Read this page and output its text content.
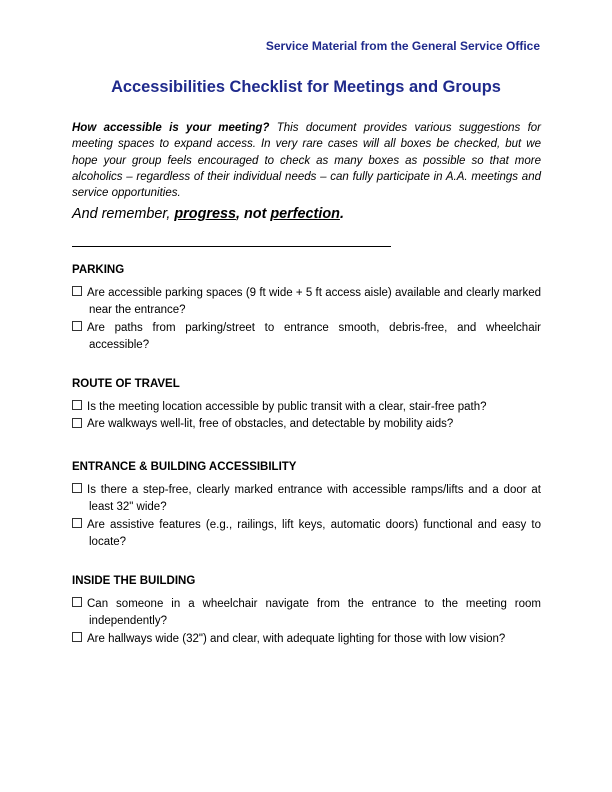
Service Material from the General Service Office
Accessibilities Checklist for Meetings and Groups
How accessible is your meeting? This document provides various suggestions for meeting spaces to expand access. In very rare cases will all boxes be checked, but we hope your group feels encouraged to check as many boxes as possible so that more alcoholics – regardless of their individual needs – can fully participate in A.A. meetings and service opportunities.
And remember, progress, not perfection.
PARKING

Are accessible parking spaces (9 ft wide + 5 ft access aisle) available and clearly marked near the entrance?

Are paths from parking/street to entrance smooth, debris-free, and wheelchair accessible?

ROUTE OF TRAVEL

Is the meeting location accessible by public transit with a clear, stair-free path?

Are walkways well-lit, free of obstacles, and detectable by mobility aids?

ENTRANCE & BUILDING ACCESSIBILITY

Is there a step-free, clearly marked entrance with accessible ramps/lifts and a door at least 32" wide?

Are assistive features (e.g., railings, lift keys, automatic doors) functional and easy to locate?

INSIDE THE BUILDING

Can someone in a wheelchair navigate from the entrance to the meeting room independently?

Are hallways wide (32") and clear, with adequate lighting for those with low vision?
